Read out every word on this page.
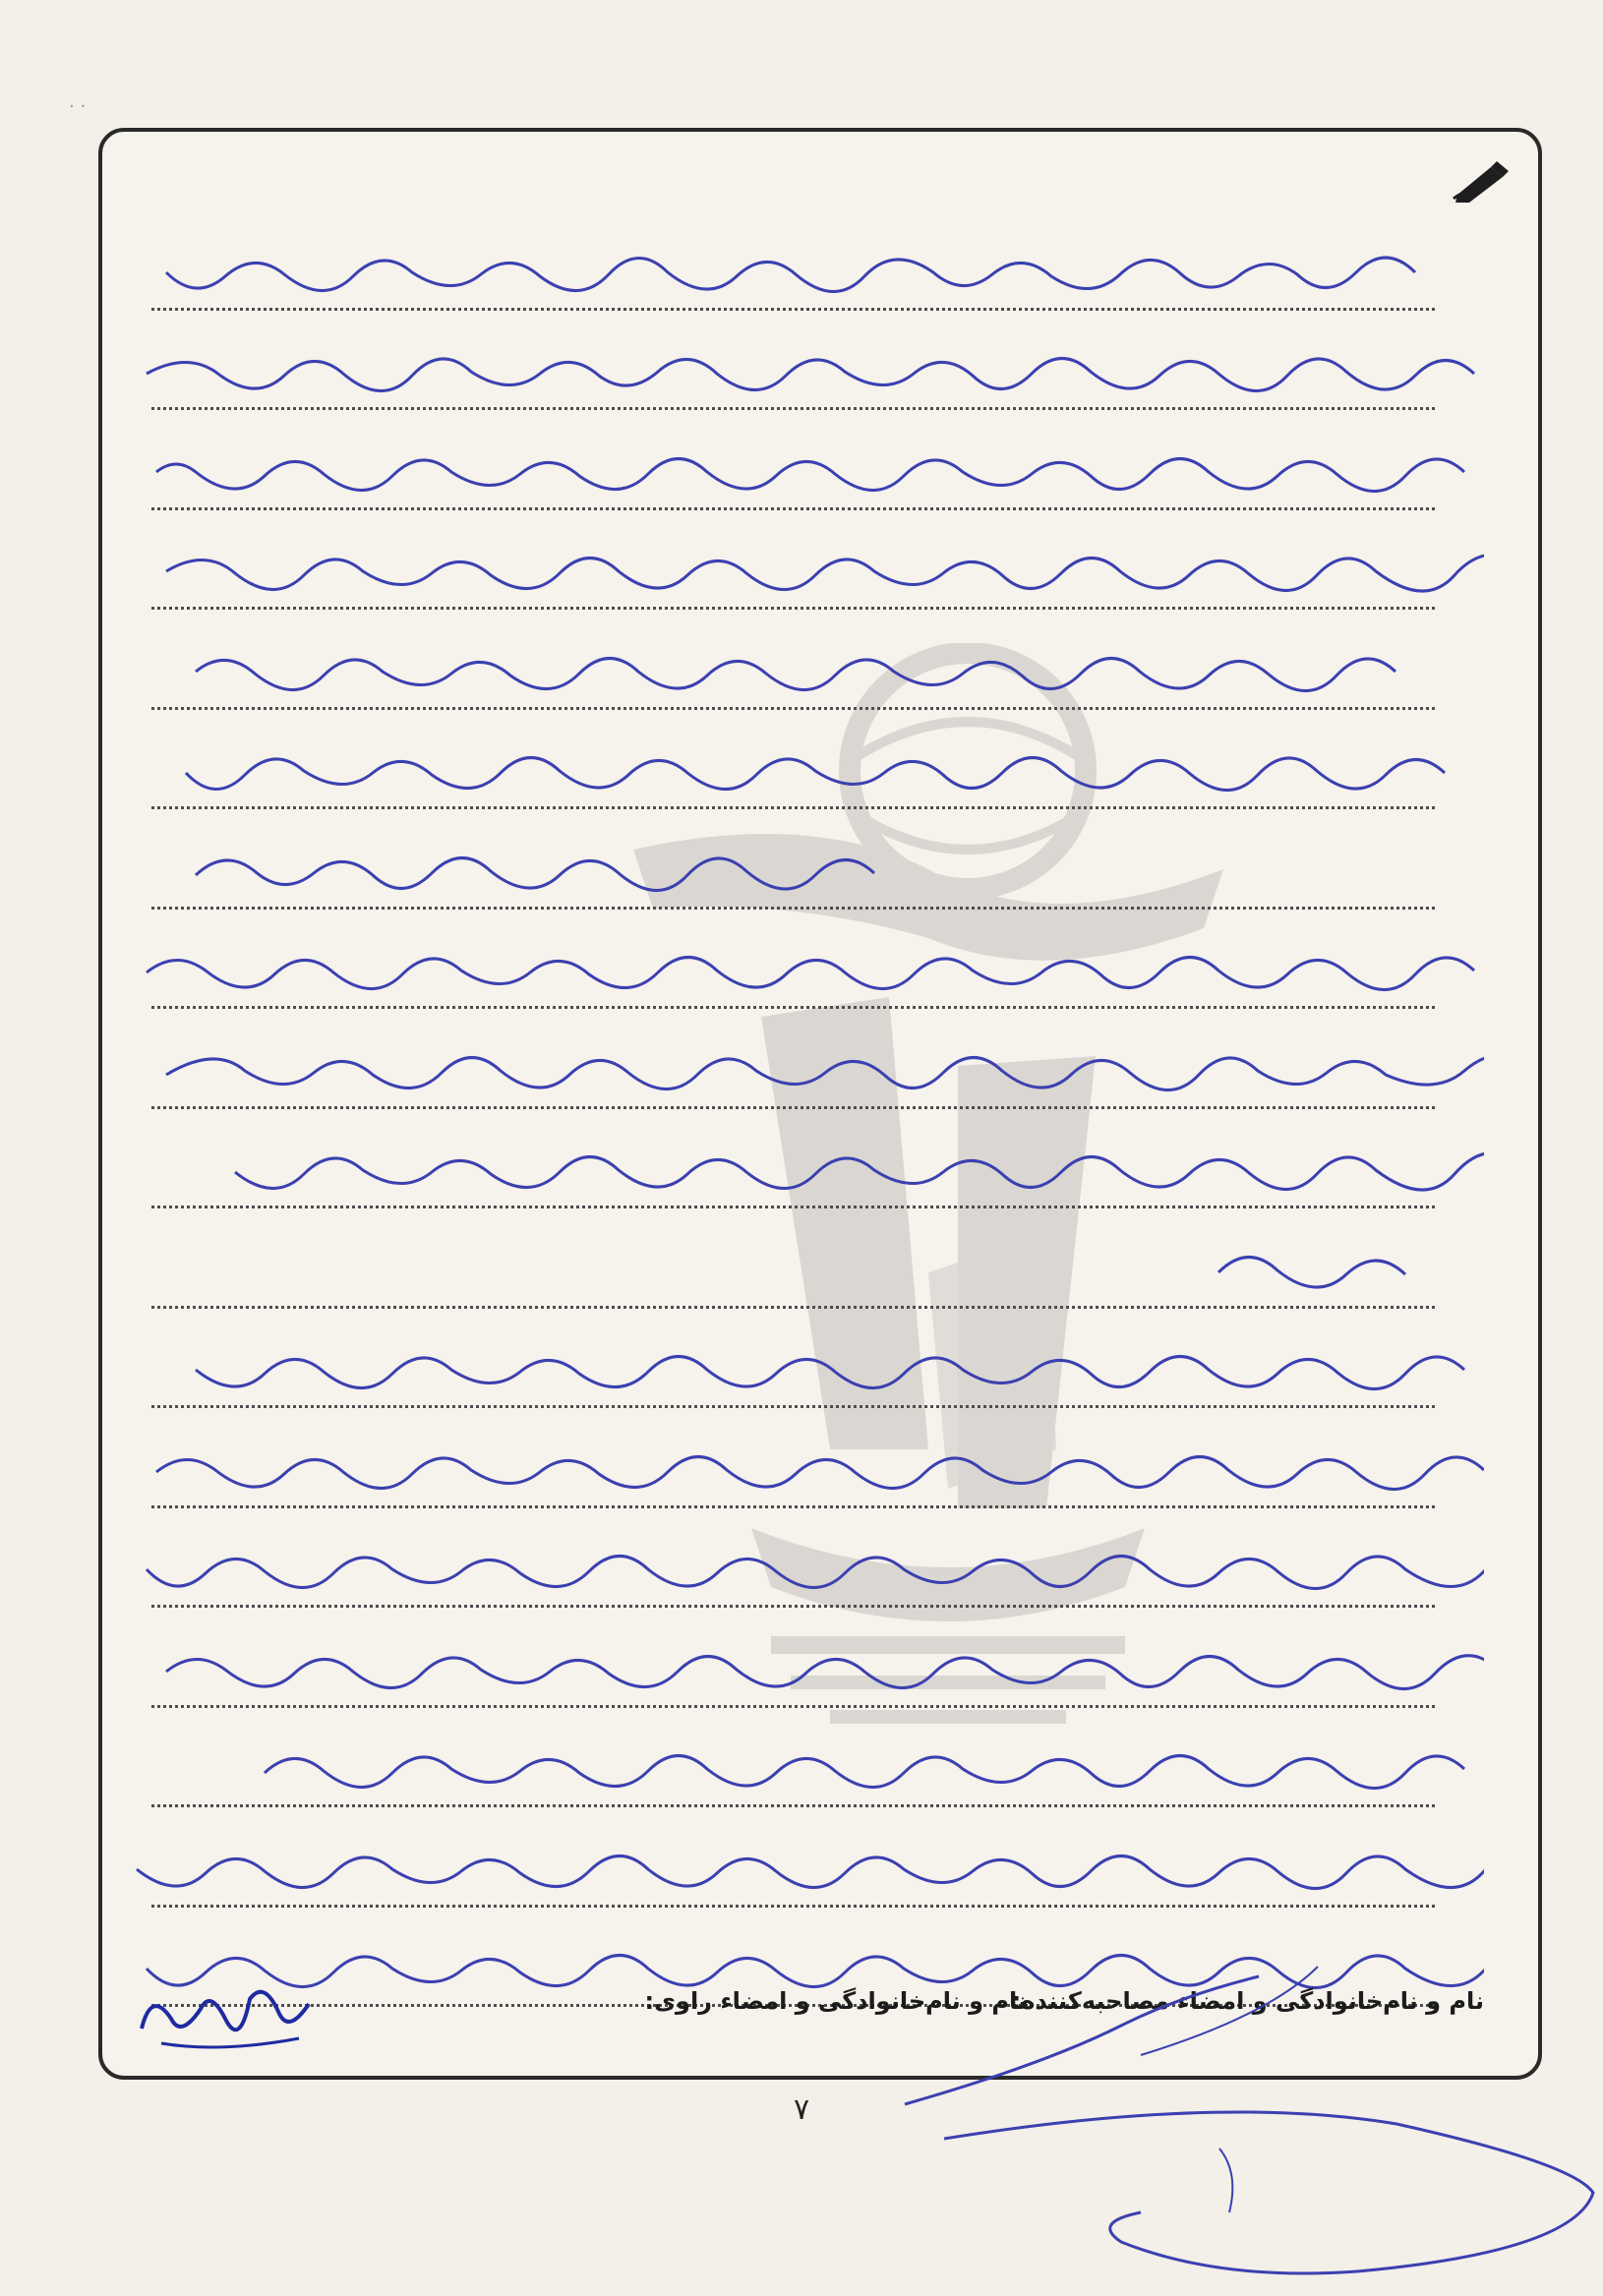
· ·
نام و نام‌خانوادگی و امضاء مصاحبه‌کننده:
نام و نام‌خانوادگی و امضاء راوی:
۷
